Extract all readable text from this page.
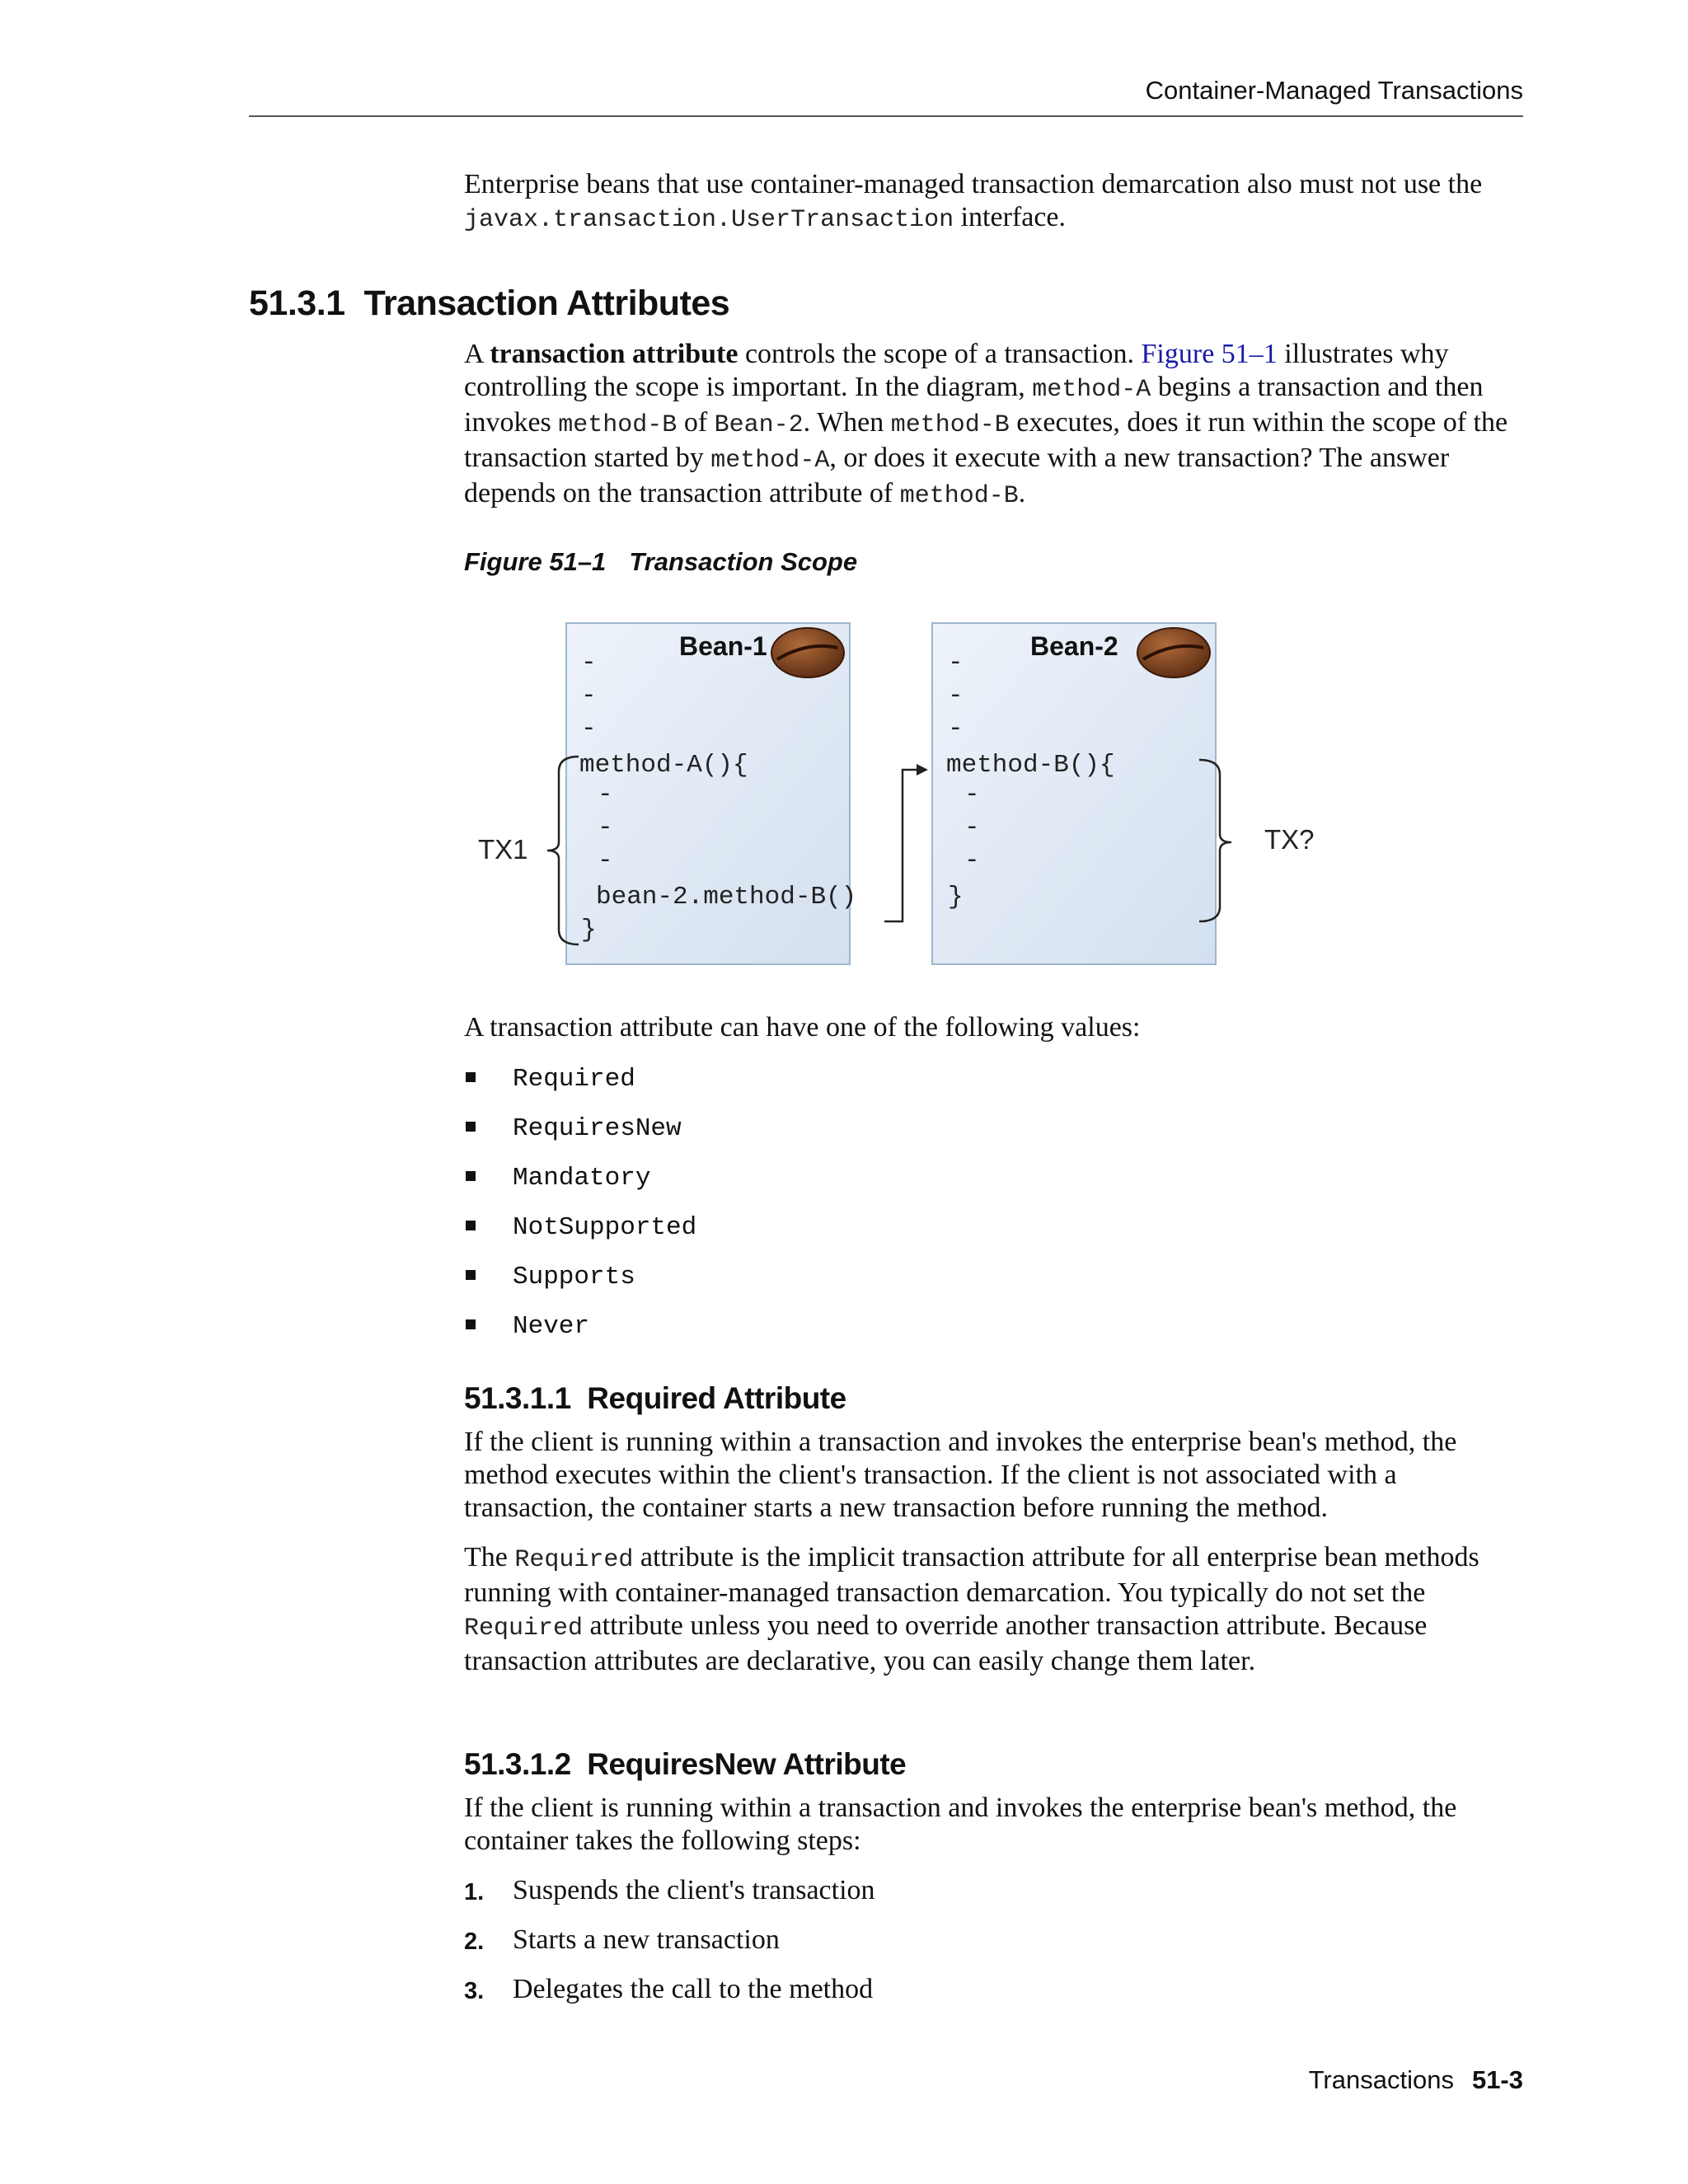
Container-Managed Transactions

Enterprise beans that use container-managed transaction demarcation also must not use the javax.transaction.UserTransaction interface.

51.3.1 Transaction Attributes

A transaction attribute controls the scope of a transaction. Figure 51–1 illustrates why controlling the scope is important. In the diagram, method-A begins a transaction and then invokes method-B of Bean-2. When method-B executes, does it run within the scope of the transaction started by method-A, or does it execute with a new transaction? The answer depends on the transaction attribute of method-B.

Figure 51–1 Transaction Scope
Bean-1	Bean-2
-
-
-
method-A(){
-
-
-
bean-2.method-B()
}
-
-
-
method-B(){
-
-
-
}
TX1	TX?

A transaction attribute can have one of the following values:

Required
RequiresNew
Mandatory
NotSupported
Supports
Never
51.3.1.1 Required Attribute

If the client is running within a transaction and invokes the enterprise bean's method, the method executes within the client's transaction. If the client is not associated with a transaction, the container starts a new transaction before running the method.

The Required attribute is the implicit transaction attribute for all enterprise bean methods running with container-managed transaction demarcation. You typically do not set the Required attribute unless you need to override another transaction attribute. Because transaction attributes are declarative, you can easily change them later.

51.3.1.2 RequiresNew Attribute

If the client is running within a transaction and invokes the enterprise bean's method, the container takes the following steps:

1. Suspends the client's transaction
2. Starts a new transaction
3. Delegates the call to the method
Transactions 51-3
